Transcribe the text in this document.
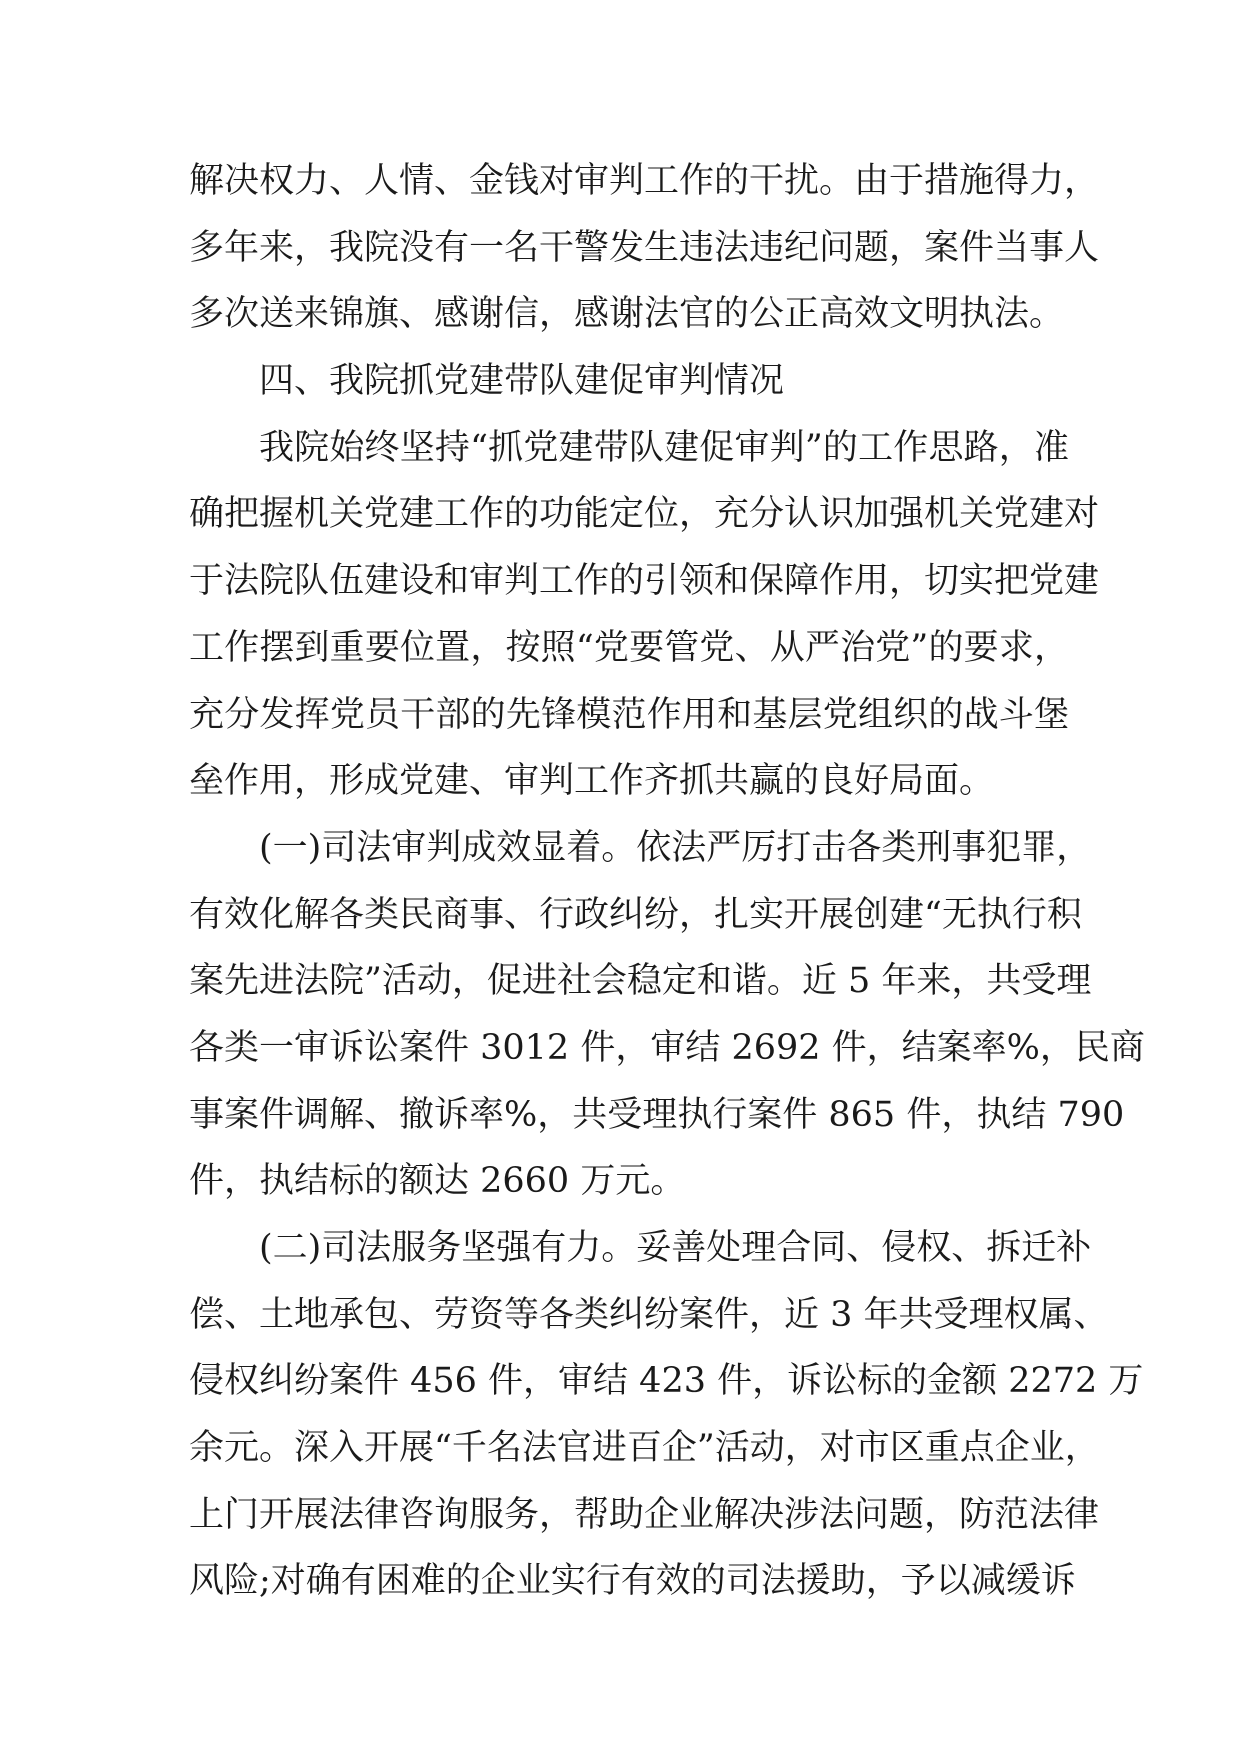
解决权力、人情、金钱对审判工作的干扰。由于措施得力，
多年来，我院没有一名干警发生违法违纪问题，案件当事人
多次送来锦旗、感谢信，感谢法官的公正高效文明执法。
四、我院抓党建带队建促审判情况
我院始终坚持“抓党建带队建促审判”的工作思路，准
确把握机关党建工作的功能定位，充分认识加强机关党建对
于法院队伍建设和审判工作的引领和保障作用，切实把党建
工作摆到重要位置，按照“党要管党、从严治党”的要求，
充分发挥党员干部的先锋模范作用和基层党组织的战斗堡
垒作用，形成党建、审判工作齐抓共赢的良好局面。
(一)司法审判成效显着。依法严厉打击各类刑事犯罪，
有效化解各类民商事、行政纠纷，扎实开展创建“无执行积
案先进法院”活动，促进社会稳定和谐。近 5 年来，共受理
各类一审诉讼案件 3012 件，审结 2692 件，结案率%，民商
事案件调解、撤诉率%，共受理执行案件 865 件，执结 790
件，执结标的额达 2660 万元。
(二)司法服务坚强有力。妥善处理合同、侵权、拆迁补
偿、土地承包、劳资等各类纠纷案件，近 3 年共受理权属、
侵权纠纷案件 456 件，审结 423 件，诉讼标的金额 2272 万
余元。深入开展“千名法官进百企”活动，对市区重点企业，
上门开展法律咨询服务，帮助企业解决涉法问题，防范法律
风险;对确有困难的企业实行有效的司法援助，予以减缓诉
